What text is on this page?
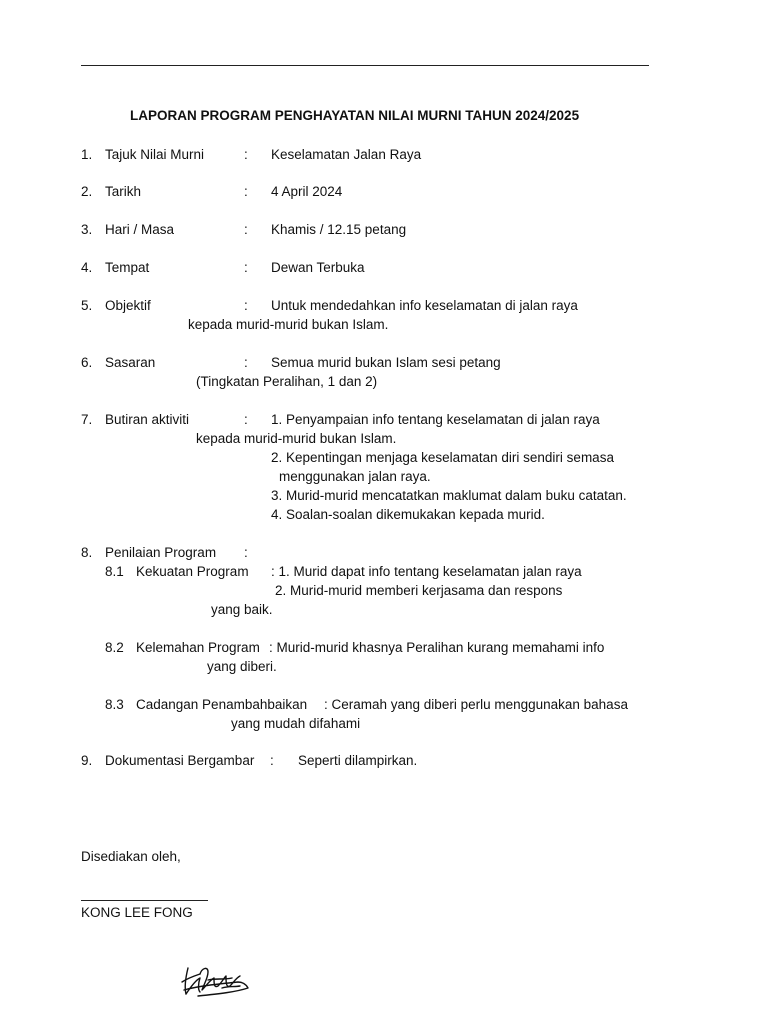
LAPORAN PROGRAM PENGHAYATAN NILAI MURNI TAHUN 2024/2025
1. Tajuk Nilai Murni	: Keselamatan Jalan Raya
2. Tarikh	: 4 April 2024
3. Hari / Masa	: Khamis / 12.15 petang
4. Tempat	: Dewan Terbuka
5. Objektif	: Untuk mendedahkan info keselamatan di jalan raya
kepada murid-murid bukan Islam.
6. Sasaran	: Semua murid bukan Islam sesi petang
(Tingkatan Peralihan, 1 dan 2)
7. Butiran aktiviti	: 1. Penyampaian info tentang keselamatan di jalan raya
kepada murid-murid bukan Islam.
2. Kepentingan menjaga keselamatan diri sendiri semasa
menggunakan jalan raya.
3. Murid-murid mencatatkan maklumat dalam buku catatan.
4. Soalan-soalan dikemukakan kepada murid.
8. Penilaian Program :
8.1 Kekuatan Program : 1. Murid dapat info tentang keselamatan jalan raya
2. Murid-murid memberi kerjasama dan respons
yang baik.
8.2 Kelemahan Program : Murid-murid khasnya Peralihan kurang memahami info
yang diberi.
8.3 Cadangan Penambahbaikan : Ceramah yang diberi perlu menggunakan bahasa
yang mudah difahami
9. Dokumentasi Bergambar : Seperti dilampirkan.
Disediakan oleh,
KONG LEE FONG
